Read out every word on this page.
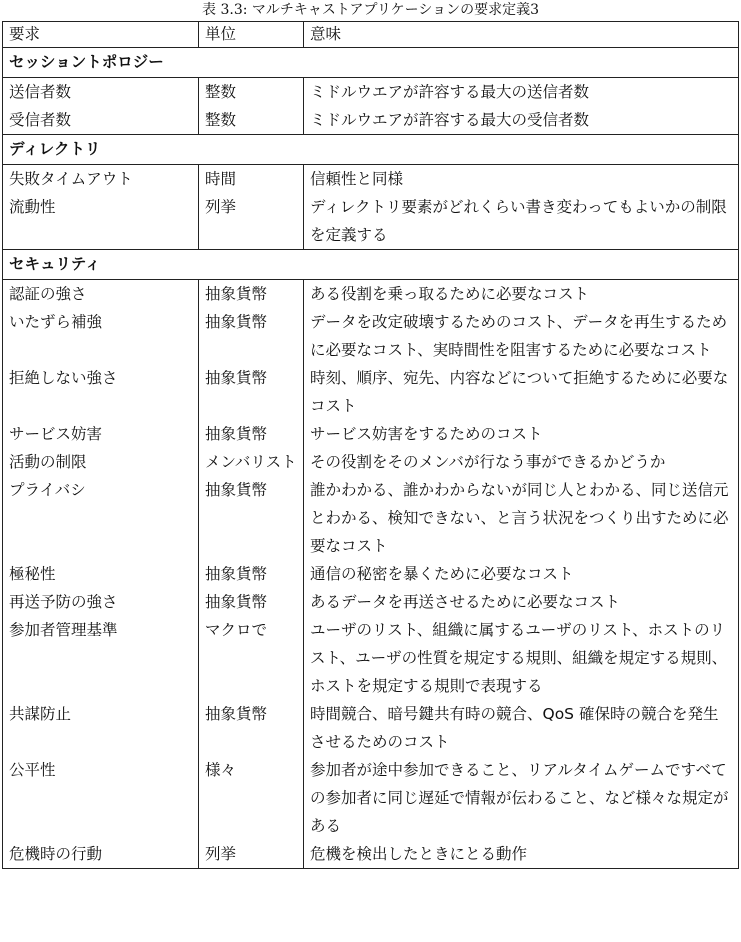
表 3.3: マルチキャストアプリケーションの要求定義3
要求	単位	意味
セッショントポロジー		
送信者数	整数	ミドルウエアが許容する最大の送信者数
受信者数	整数	ミドルウエアが許容する最大の受信者数
ディレクトリ		
失敗タイムアウト	時間	信頼性と同様
流動性	列挙	ディレクトリ要素がどれくらい書き変わってもよいかの制限を定義する
セキュリティ		
認証の強さ	抽象貨幣	ある役割を乗っ取るために必要なコスト
いたずら補強	抽象貨幣	データを改定破壊するためのコスト、データを再生するために必要なコスト、実時間性を阻害するために必要なコスト
拒絶しない強さ	抽象貨幣	時刻、順序、宛先、内容などについて拒絶するために必要なコスト
サービス妨害	抽象貨幣	サービス妨害をするためのコスト
活動の制限	メンバリスト	その役割をそのメンバが行なう事ができるかどうか
プライバシ	抽象貨幣	誰かわかる、誰かわからないが同じ人とわかる、同じ送信元とわかる、検知できない、と言う状況をつくり出すために必要なコスト
極秘性	抽象貨幣	通信の秘密を暴くために必要なコスト
再送予防の強さ	抽象貨幣	あるデータを再送させるために必要なコスト
参加者管理基準	マクロで	ユーザのリスト、組織に属するユーザのリスト、ホストのリスト、ユーザの性質を規定する規則、組織を規定する規則、ホストを規定する規則で表現する
共謀防止	抽象貨幣	時間競合、暗号鍵共有時の競合、QoS 確保時の競合を発生させるためのコスト
公平性	様々	参加者が途中参加できること、リアルタイムゲームですべての参加者に同じ遅延で情報が伝わること、など様々な規定がある
危機時の行動	列挙	危機を検出したときにとる動作
